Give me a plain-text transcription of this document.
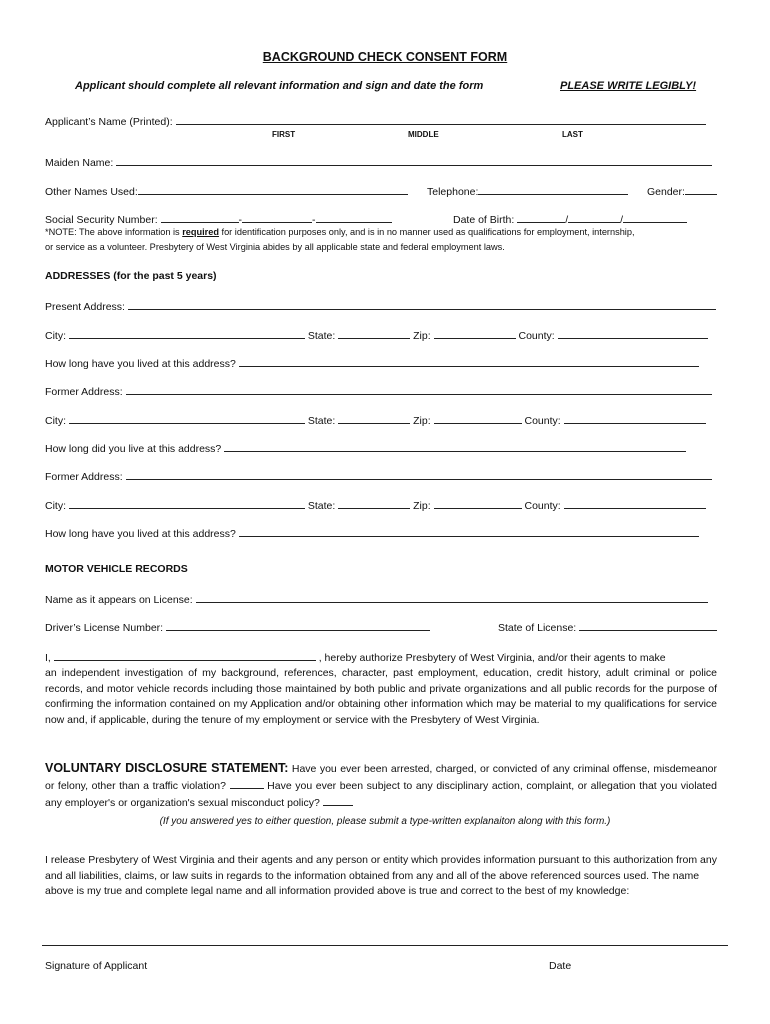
BACKGROUND CHECK CONSENT FORM
Applicant should complete all relevant information and sign and date the form	PLEASE WRITE LEGIBLY!
Applicant’s Name (Printed):
FIRST	MIDDLE	LAST
Maiden Name:
Other Names Used:	Telephone:	Gender:
Social Security Number:	-	-	Date of Birth:	/	/
*NOTE: The above information is required for identification purposes only, and is in no manner used as qualifications for employment, internship,
or service as a volunteer. Presbytery of West Virginia abides by all applicable state and federal employment laws.
ADDRESSES (for the past 5 years)
Present Address:
City:	State:	Zip:	County:
How long have you lived at this address?
Former Address:
City:	State:	Zip:	County:
How long did you live at this address?
Former Address:
City:	State:	Zip:	County:
How long have you lived at this address?
MOTOR VEHICLE RECORDS
Name as it appears on License:
Driver’s License Number:	State of License:
I,	, hereby authorize Presbytery of West Virginia, and/or their agents to make
an independent investigation of my background, references, character, past employment, education, credit history, adult criminal or police records, and motor vehicle records including those maintained by both public and private organizations and all public records for the purpose of confirming the information contained on my Application and/or obtaining other information which may be material to my qualifications for service now and, if applicable, during the tenure of my employment or service with the Presbytery of West Virginia.
VOLUNTARY DISCLOSURE STATEMENT: Have you ever been arrested, charged, or convicted of any criminal offense, misdemeanor or felony, other than a traffic violation?	Have you ever been subject to any disciplinary action, complaint, or allegation that you violated any employer's or organization's sexual misconduct policy?
(If you answered yes to either question, please submit a type-written explanaiton along with this form.)
I release Presbytery of West Virginia and their agents and any person or entity which provides information pursuant to this authorization from any and all liabilities, claims, or law suits in regards to the information obtained from any and all of the above referenced sources used. The name above is my true and complete legal name and all information provided above is true and correct to the best of my knowledge:
Signature of Applicant	Date
